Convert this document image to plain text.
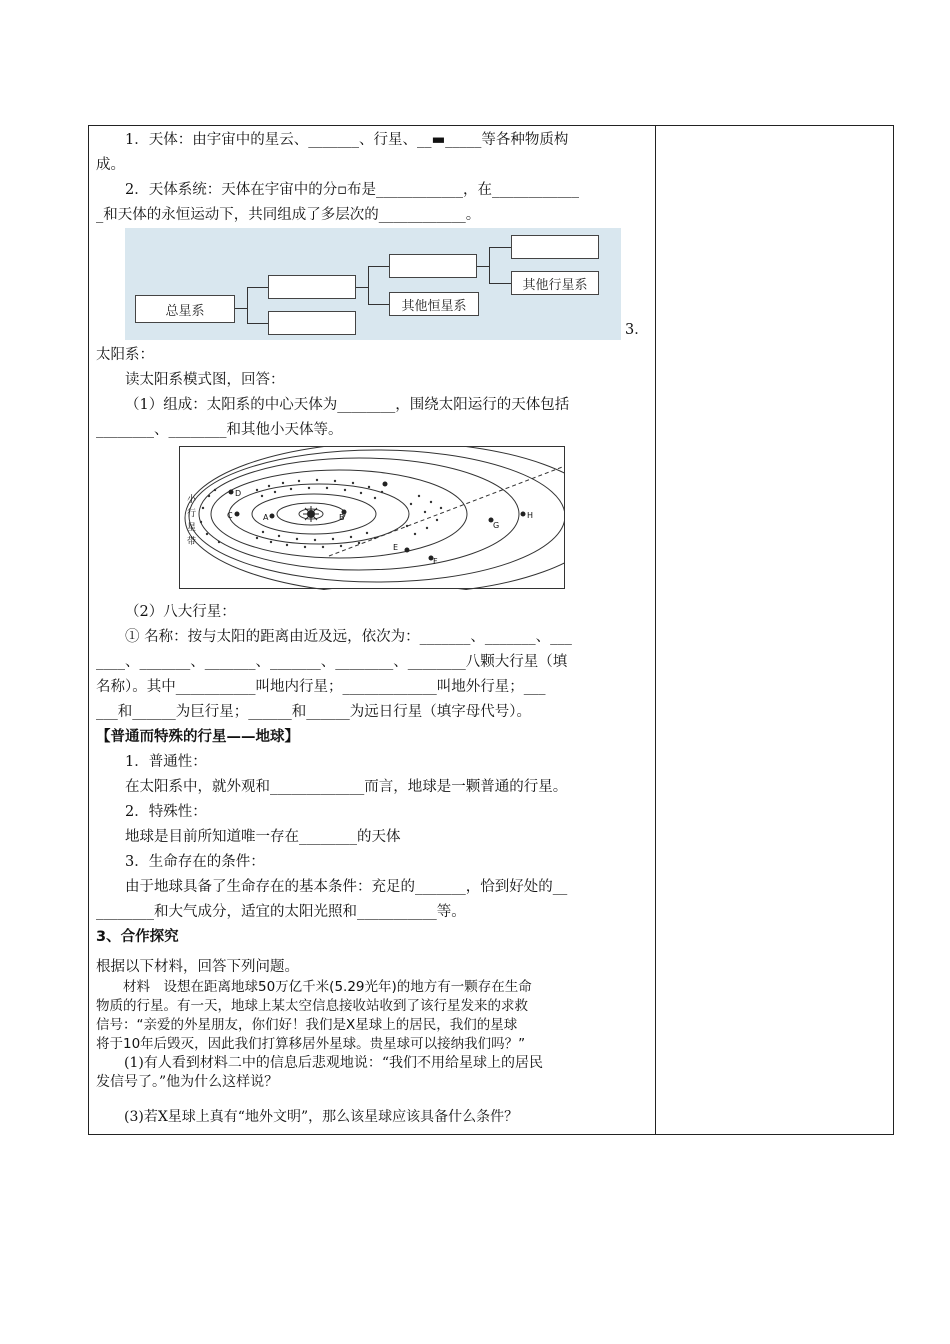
1．天体：由宇宙中的星云、_______、行星、__▬_____等各种物质构

成。

2．天体系统：天体在宇宙中的分▫布是____________，在____________

_和天体的永恒运动下，共同组成了多层次的____________。

总星系	其他恒星系
其他行星系
3．

太阳系：

读太阳系模式图，回答：

（1）组成：太阳系的中心天体为________，围绕太阳运行的天体包括

________、________和其他小天体等。

小
行
星
带
A	B
C
D
E
F
G
H

（2）八大行星：

① 名称：按与太阳的距离由近及远，依次为：_______、_______、___

____、_______、_______、_______、________、________八颗大行星（填

名称）。其中___________叫地内行星；_____________叫地外行星；___

___和______为巨行星；______和______为远日行星（填字母代号）。

【普通而特殊的行星——地球】

1．普通性：

在太阳系中，就外观和_____________而言，地球是一颗普通的行星。

2．特殊性：

地球是目前所知道唯一存在________的天体

3．生命存在的条件：

由于地球具备了生命存在的基本条件：充足的_______，恰到好处的__

________和大气成分，适宜的太阳光照和___________等。

3、合作探究

根据以下材料，回答下列问题。

材料　设想在距离地球50万亿千米(5.29光年)的地方有一颗存在生命

物质的行星。有一天，地球上某太空信息接收站收到了该行星发来的求救

信号：“亲爱的外星朋友，你们好！我们是X星球上的居民，我们的星球

将于10年后毁灭，因此我们打算移居外星球。贵星球可以接纳我们吗？”

(1)有人看到材料二中的信息后悲观地说：“我们不用给星球上的居民

发信号了。”他为什么这样说？

(3)若X星球上真有“地外文明”，那么该星球应该具备什么条件？
